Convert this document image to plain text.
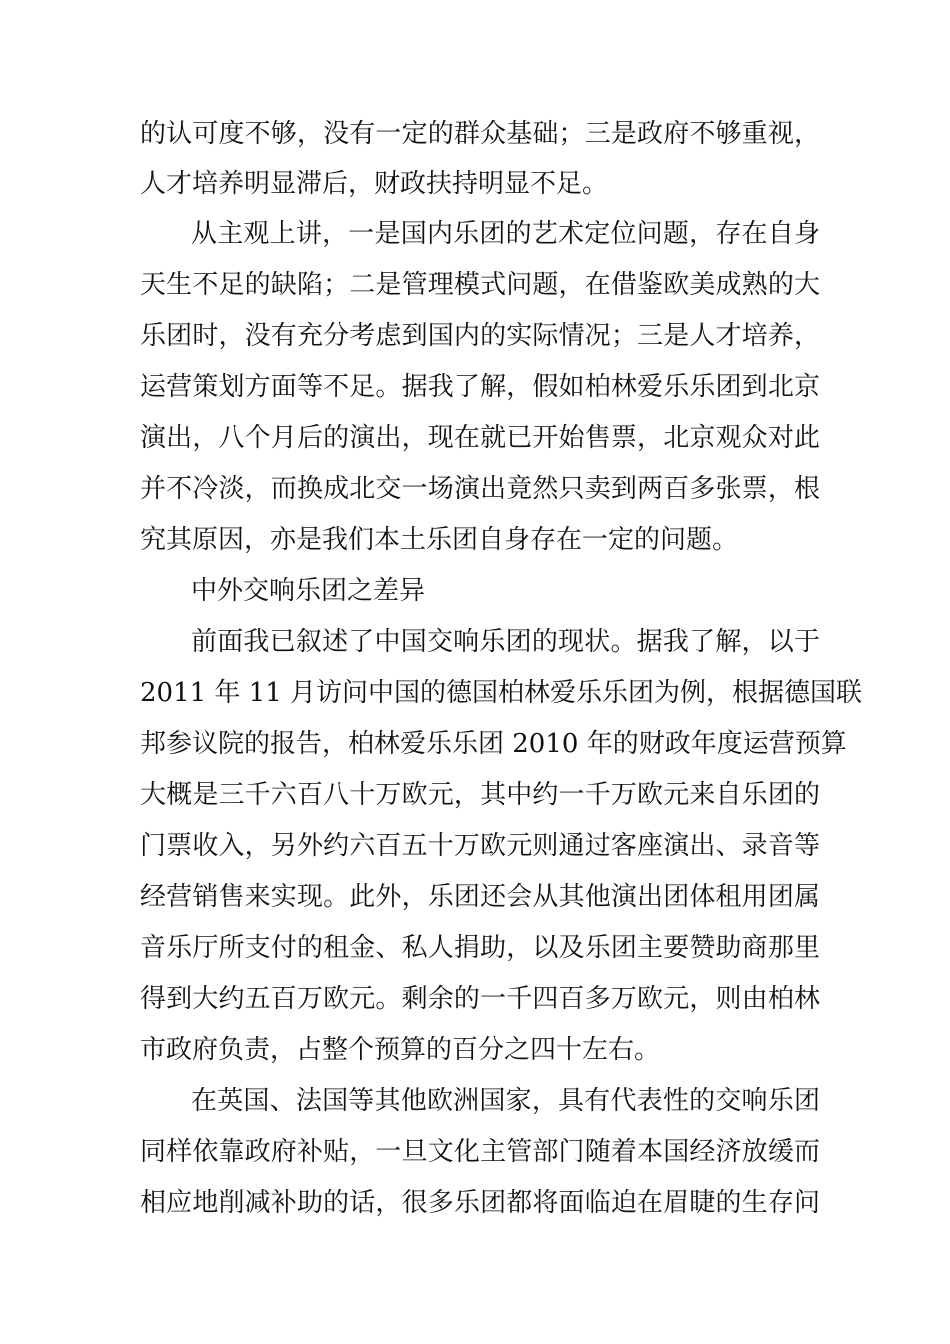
的认可度不够，没有一定的群众基础；三是政府不够重视，
人才培养明显滞后，财政扶持明显不足。
从主观上讲，一是国内乐团的艺术定位问题，存在自身
天生不足的缺陷；二是管理模式问题，在借鉴欧美成熟的大
乐团时，没有充分考虑到国内的实际情况；三是人才培养，
运营策划方面等不足。据我了解，假如柏林爱乐乐团到北京
演出，八个月后的演出，现在就已开始售票，北京观众对此
并不冷淡，而换成北交一场演出竟然只卖到两百多张票，根
究其原因，亦是我们本土乐团自身存在一定的问题。
中外交响乐团之差异
前面我已叙述了中国交响乐团的现状。据我了解，以于
2011 年 11 月访问中国的德国柏林爱乐乐团为例，根据德国联
邦参议院的报告，柏林爱乐乐团 2010 年的财政年度运营预算
大概是三千六百八十万欧元，其中约一千万欧元来自乐团的
门票收入，另外约六百五十万欧元则通过客座演出、录音等
经营销售来实现。此外，乐团还会从其他演出团体租用团属
音乐厅所支付的租金、私人捐助，以及乐团主要赞助商那里
得到大约五百万欧元。剩余的一千四百多万欧元，则由柏林
市政府负责，占整个预算的百分之四十左右。
在英国、法国等其他欧洲国家，具有代表性的交响乐团
同样依靠政府补贴，一旦文化主管部门随着本国经济放缓而
相应地削减补助的话，很多乐团都将面临迫在眉睫的生存问
